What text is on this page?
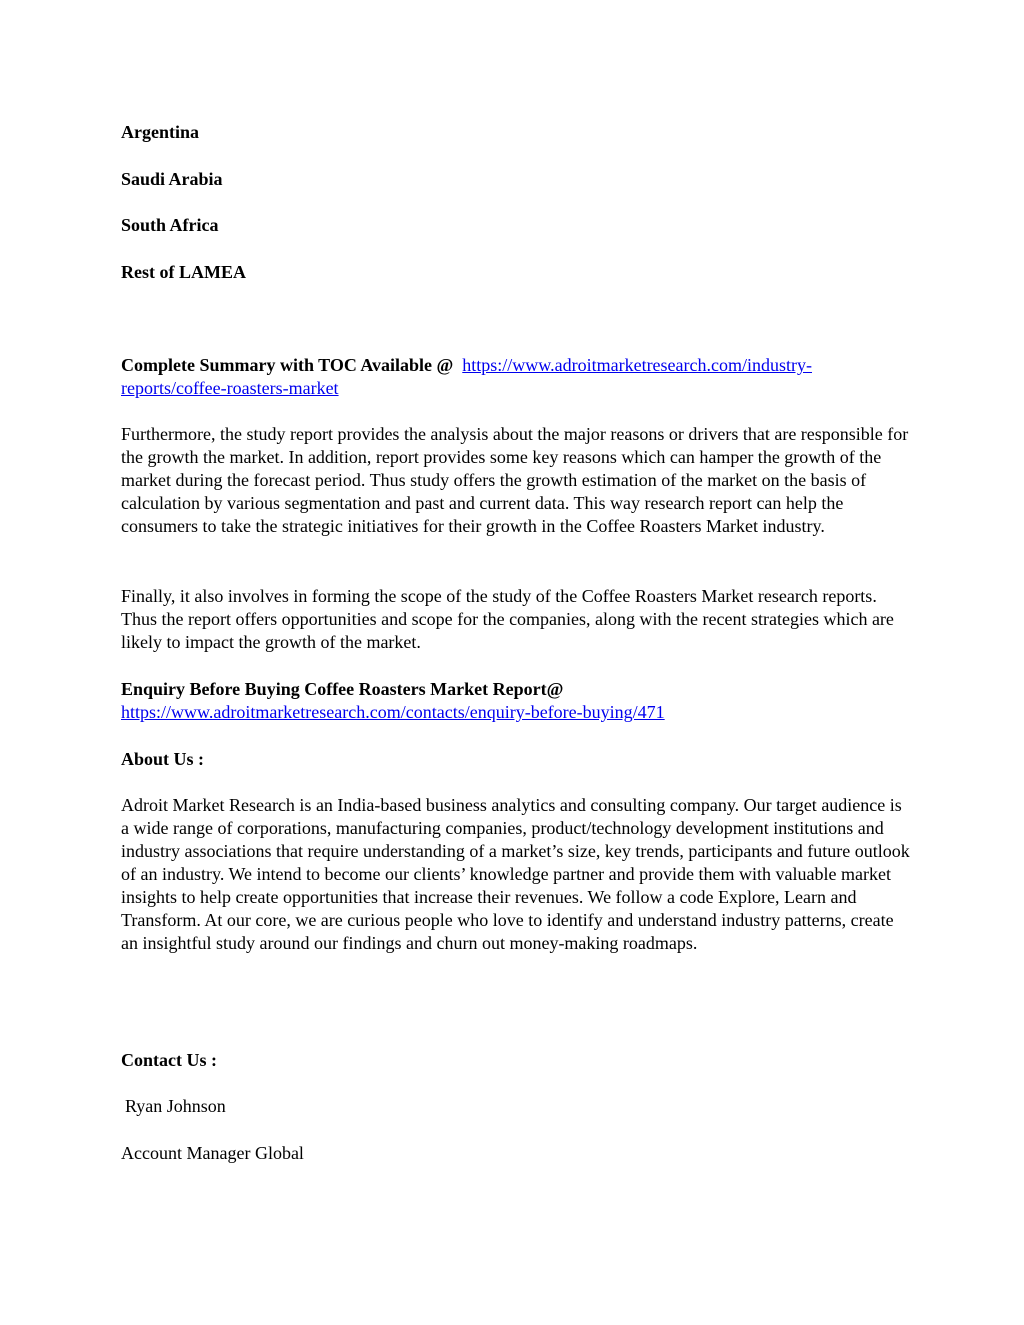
Argentina

Saudi Arabia

South Africa

Rest of LAMEA

Complete Summary with TOC Available @ https://www.adroitmarketresearch.com/industry-reports/coffee-roasters-market

Furthermore, the study report provides the analysis about the major reasons or drivers that are responsible for the growth the market. In addition, report provides some key reasons which can hamper the growth of the market during the forecast period. Thus study offers the growth estimation of the market on the basis of calculation by various segmentation and past and current data. This way research report can help the consumers to take the strategic initiatives for their growth in the Coffee Roasters Market industry.

Finally, it also involves in forming the scope of the study of the Coffee Roasters Market research reports. Thus the report offers opportunities and scope for the companies, along with the recent strategies which are likely to impact the growth of the market.

Enquiry Before Buying Coffee Roasters Market Report@
https://www.adroitmarketresearch.com/contacts/enquiry-before-buying/471

About Us :

Adroit Market Research is an India-based business analytics and consulting company. Our target audience is a wide range of corporations, manufacturing companies, product/technology development institutions and industry associations that require understanding of a market’s size, key trends, participants and future outlook of an industry. We intend to become our clients’ knowledge partner and provide them with valuable market insights to help create opportunities that increase their revenues. We follow a code Explore, Learn and Transform. At our core, we are curious people who love to identify and understand industry patterns, create an insightful study around our findings and churn out money-making roadmaps.

Contact Us :

Ryan Johnson

Account Manager Global
